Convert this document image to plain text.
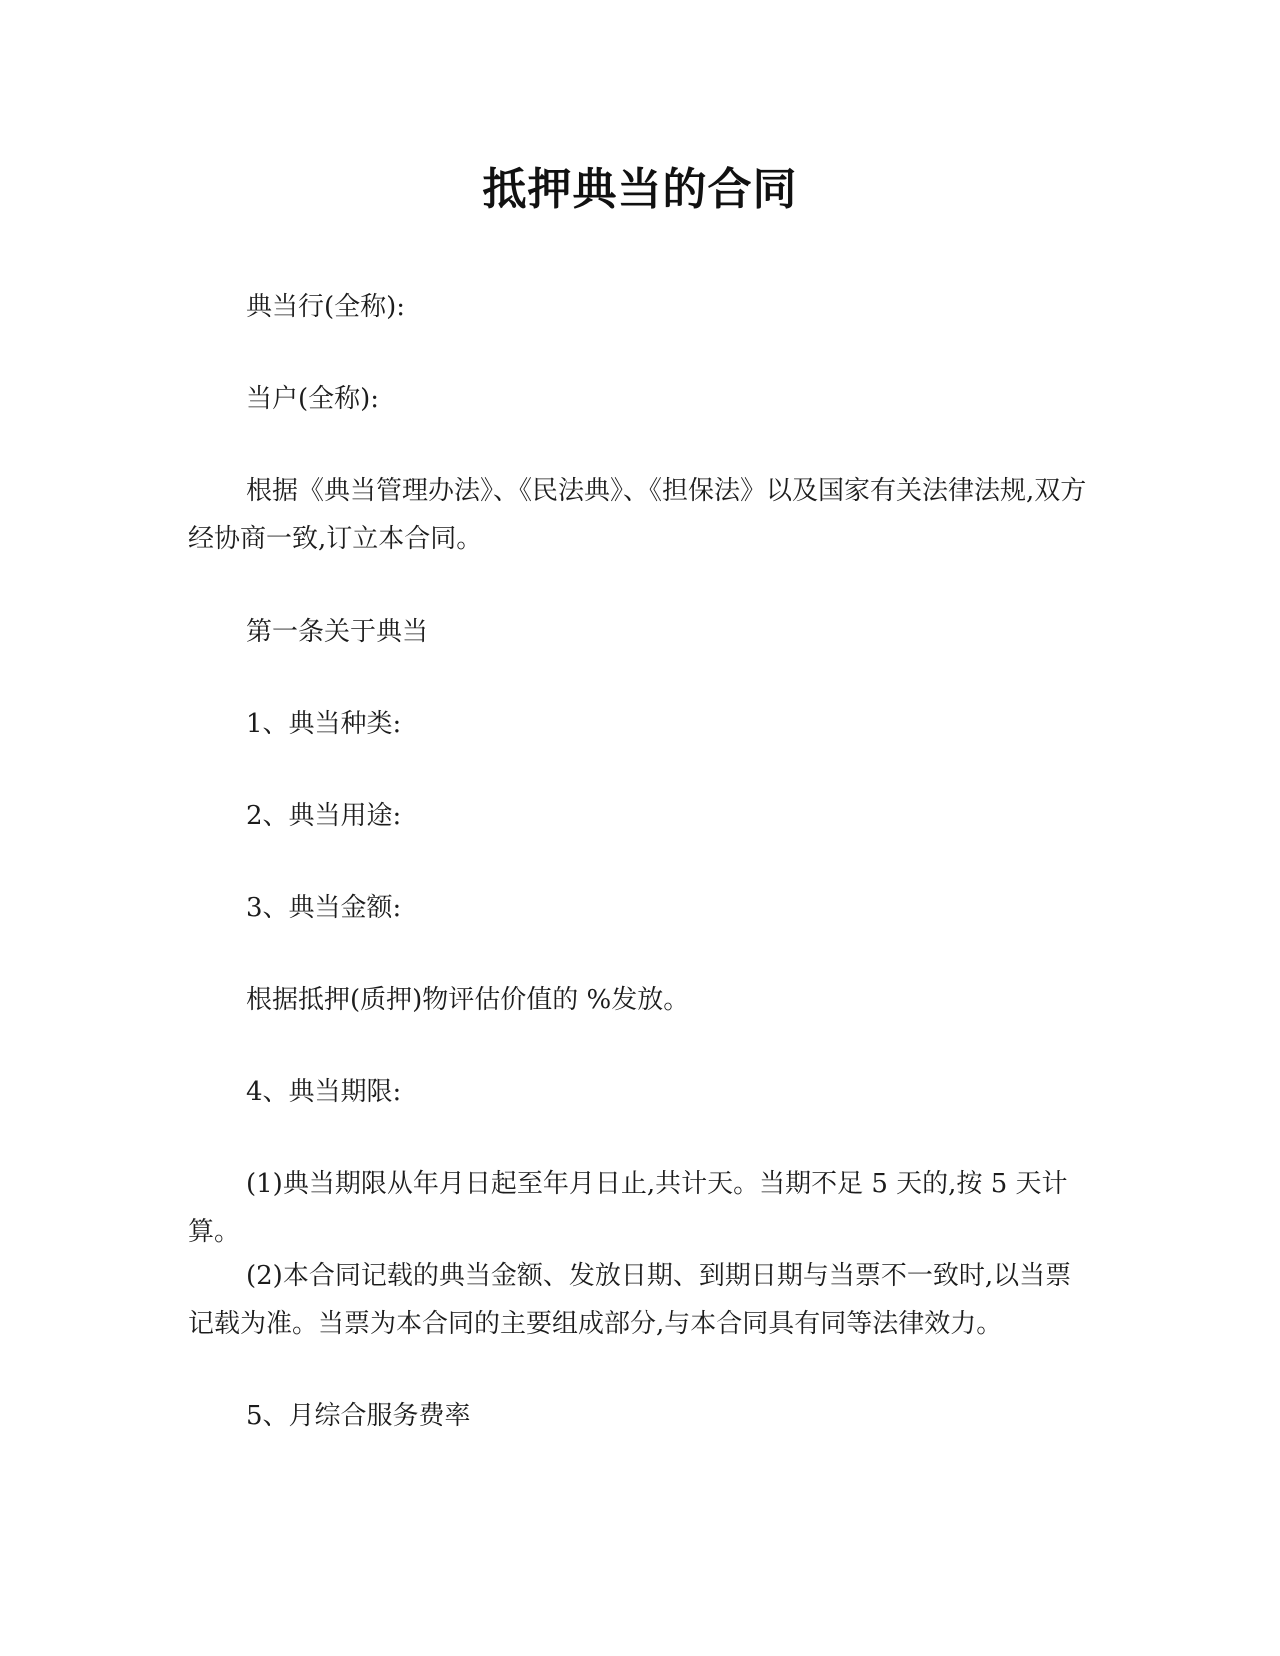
抵押典当的合同

典当行(全称):

当户(全称):

根据《典当管理办法》、《民法典》、《担保法》以及国家有关法律法规,双方经协商一致,订立本合同。

第一条关于典当

1、典当种类:

2、典当用途:

3、典当金额:

根据抵押(质押)物评估价值的 %发放。

4、典当期限:

(1)典当期限从年月日起至年月日止,共计天。当期不足 5 天的,按 5 天计算。

(2)本合同记载的典当金额、发放日期、到期日期与当票不一致时,以当票记载为准。当票为本合同的主要组成部分,与本合同具有同等法律效力。

5、月综合服务费率
